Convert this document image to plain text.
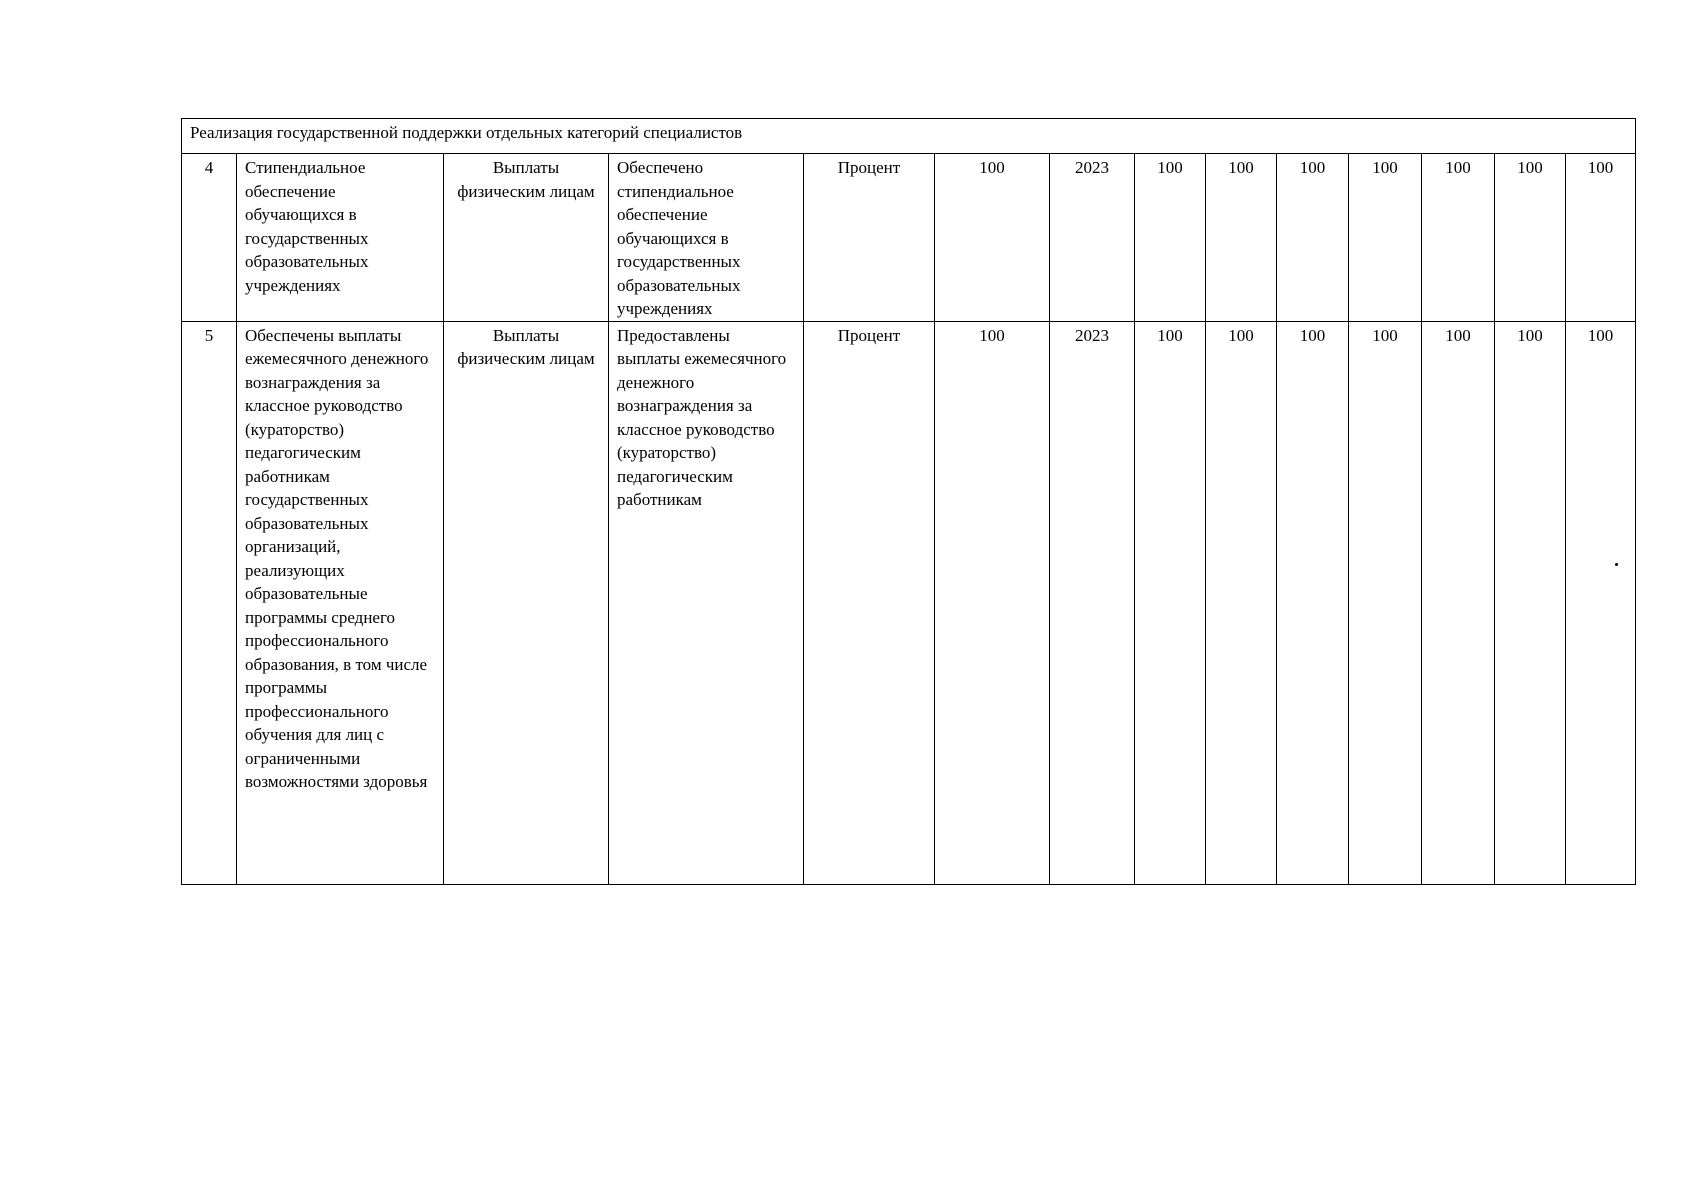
Реализация государственной поддержки отдельных категорий специалистов													
4	Стипендиальное обеспечение обучающихся в государственных образовательных учреждениях	Выплаты физическим лицам	Обеспечено стипендиальное обеспечение обучающихся в государственных образовательных учреждениях	Процент	100	2023	100	100	100	100	100	100	100
5	Обеспечены выплаты ежемесячного денежного вознаграждения за классное руководство (кураторство) педагогическим работникам государственных образовательных организаций, реализующих образовательные программы среднего профессионального образования, в том числе программы профессионального обучения для лиц с ограниченными возможностями здоровья	Выплаты физическим лицам	Предоставлены выплаты ежемесячного денежного вознаграждения за классное руководство (кураторство) педагогическим работникам	Процент	100	2023	100	100	100	100	100	100	100
